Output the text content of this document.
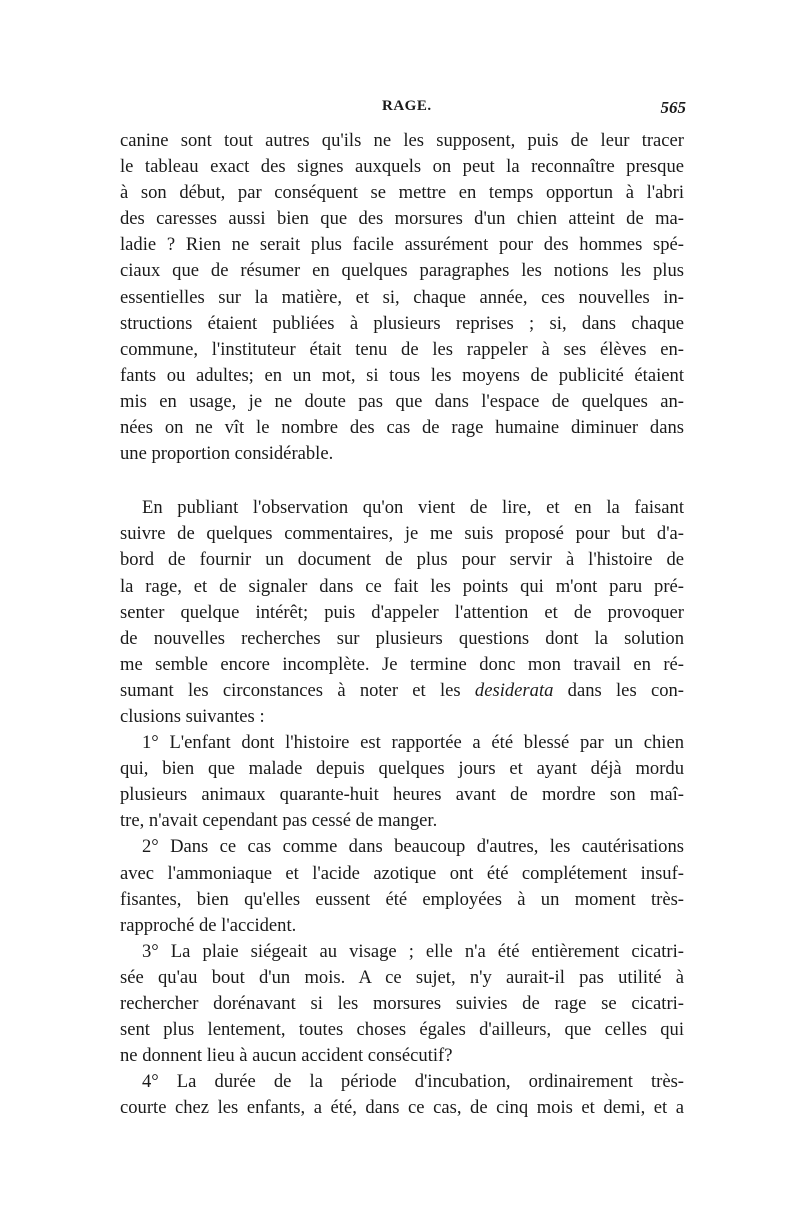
RAGE.	565
canine sont tout autres qu'ils ne les supposent, puis de leur tracer
le tableau exact des signes auxquels on peut la reconnaître presque
à son début, par conséquent se mettre en temps opportun à l'abri
des caresses aussi bien que des morsures d'un chien atteint de ma-
ladie ? Rien ne serait plus facile assurément pour des hommes spé-
ciaux que de résumer en quelques paragraphes les notions les plus
essentielles sur la matière, et si, chaque année, ces nouvelles in-
structions étaient publiées à plusieurs reprises ; si, dans chaque
commune, l'instituteur était tenu de les rappeler à ses élèves en-
fants ou adultes; en un mot, si tous les moyens de publicité étaient
mis en usage, je ne doute pas que dans l'espace de quelques an-
nées on ne vît le nombre des cas de rage humaine diminuer dans
une proportion considérable.
En publiant l'observation qu'on vient de lire, et en la faisant
suivre de quelques commentaires, je me suis proposé pour but d'a-
bord de fournir un document de plus pour servir à l'histoire de
la rage, et de signaler dans ce fait les points qui m'ont paru pré-
senter quelque intérêt; puis d'appeler l'attention et de provoquer
de nouvelles recherches sur plusieurs questions dont la solution
me semble encore incomplète. Je termine donc mon travail en ré-
sumant les circonstances à noter et les desiderata dans les con-
clusions suivantes :
1° L'enfant dont l'histoire est rapportée a été blessé par un chien
qui, bien que malade depuis quelques jours et ayant déjà mordu
plusieurs animaux quarante-huit heures avant de mordre son maî-
tre, n'avait cependant pas cessé de manger.
2° Dans ce cas comme dans beaucoup d'autres, les cautérisations
avec l'ammoniaque et l'acide azotique ont été complétement insuf-
fisantes, bien qu'elles eussent été employées à un moment très-
rapproché de l'accident.
3° La plaie siégeait au visage ; elle n'a été entièrement cicatri-
sée qu'au bout d'un mois. A ce sujet, n'y aurait-il pas utilité à
rechercher dorénavant si les morsures suivies de rage se cicatri-
sent plus lentement, toutes choses égales d'ailleurs, que celles qui
ne donnent lieu à aucun accident consécutif?
4° La durée de la période d'incubation, ordinairement très-
courte chez les enfants, a été, dans ce cas, de cinq mois et demi, et a
